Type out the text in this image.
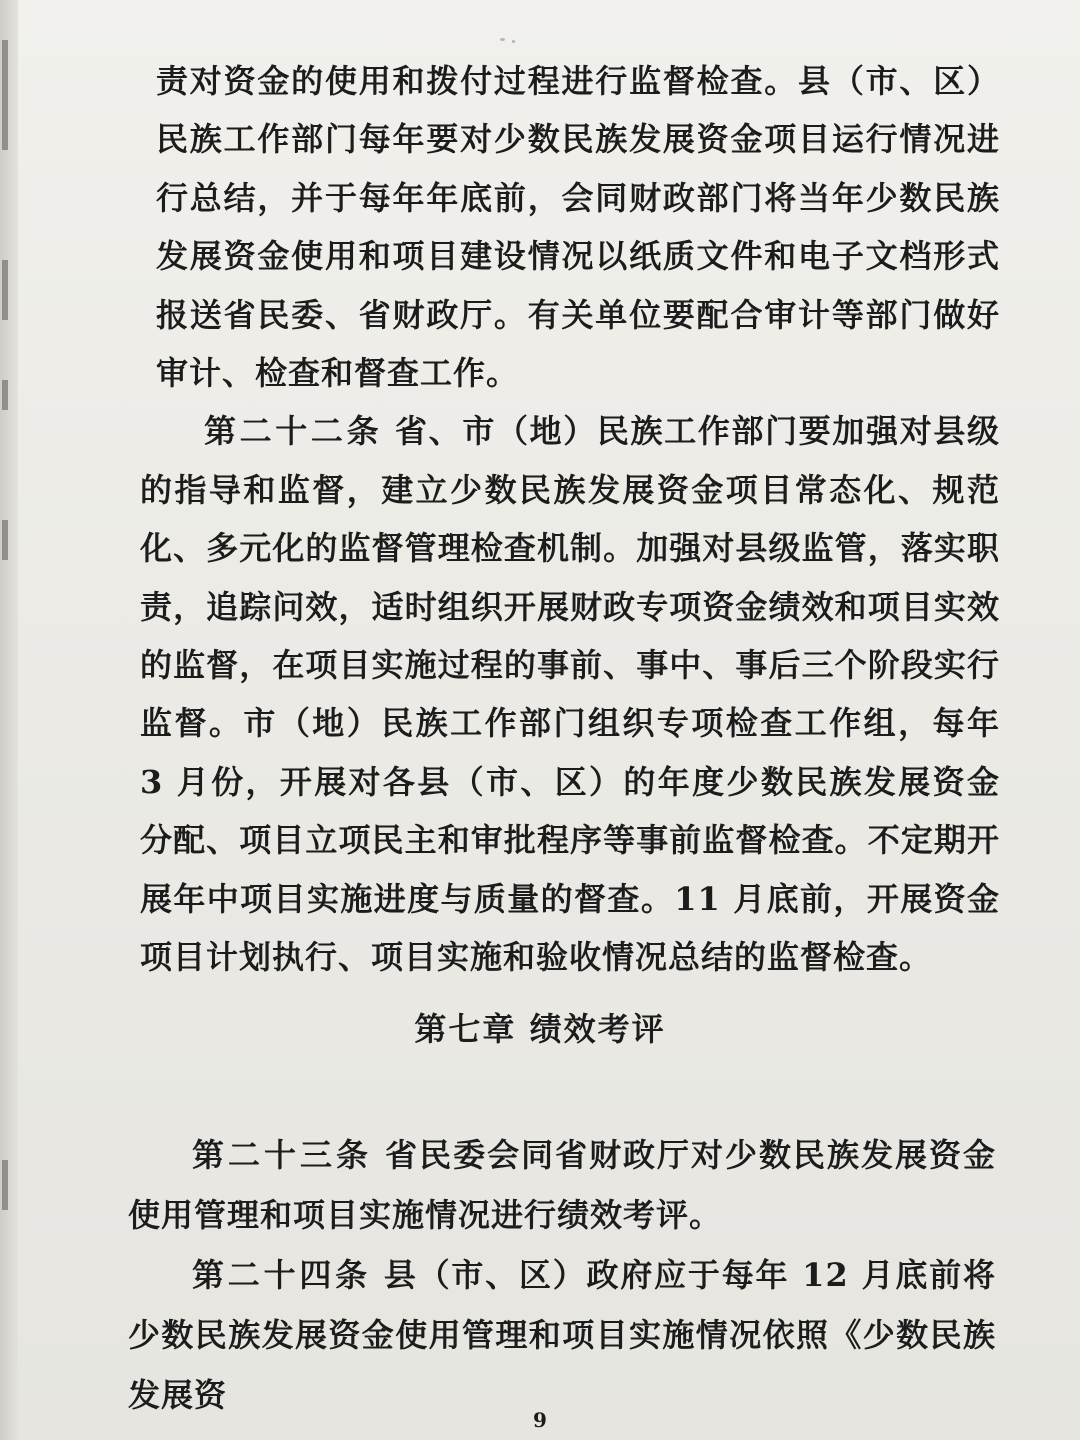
责对资金的使用和拨付过程进行监督检查。县（市、区）民族工作部门每年要对少数民族发展资金项目运行情况进行总结，并于每年年底前，会同财政部门将当年少数民族发展资金使用和项目建设情况以纸质文件和电子文档形式报送省民委、省财政厅。有关单位要配合审计等部门做好审计、检查和督查工作。

第二十二条 省、市（地）民族工作部门要加强对县级的指导和监督，建立少数民族发展资金项目常态化、规范化、多元化的监督管理检查机制。加强对县级监管，落实职责，追踪问效，适时组织开展财政专项资金绩效和项目实效的监督，在项目实施过程的事前、事中、事后三个阶段实行监督。市（地）民族工作部门组织专项检查工作组，每年 3 月份，开展对各县（市、区）的年度少数民族发展资金分配、项目立项民主和审批程序等事前监督检查。不定期开展年中项目实施进度与质量的督查。11 月底前，开展资金项目计划执行、项目实施和验收情况总结的监督检查。

第七章 绩效考评

第二十三条 省民委会同省财政厅对少数民族发展资金使用管理和项目实施情况进行绩效考评。

第二十四条 县（市、区）政府应于每年 12 月底前将少数民族发展资金使用管理和项目实施情况依照《少数民族发展资

9
